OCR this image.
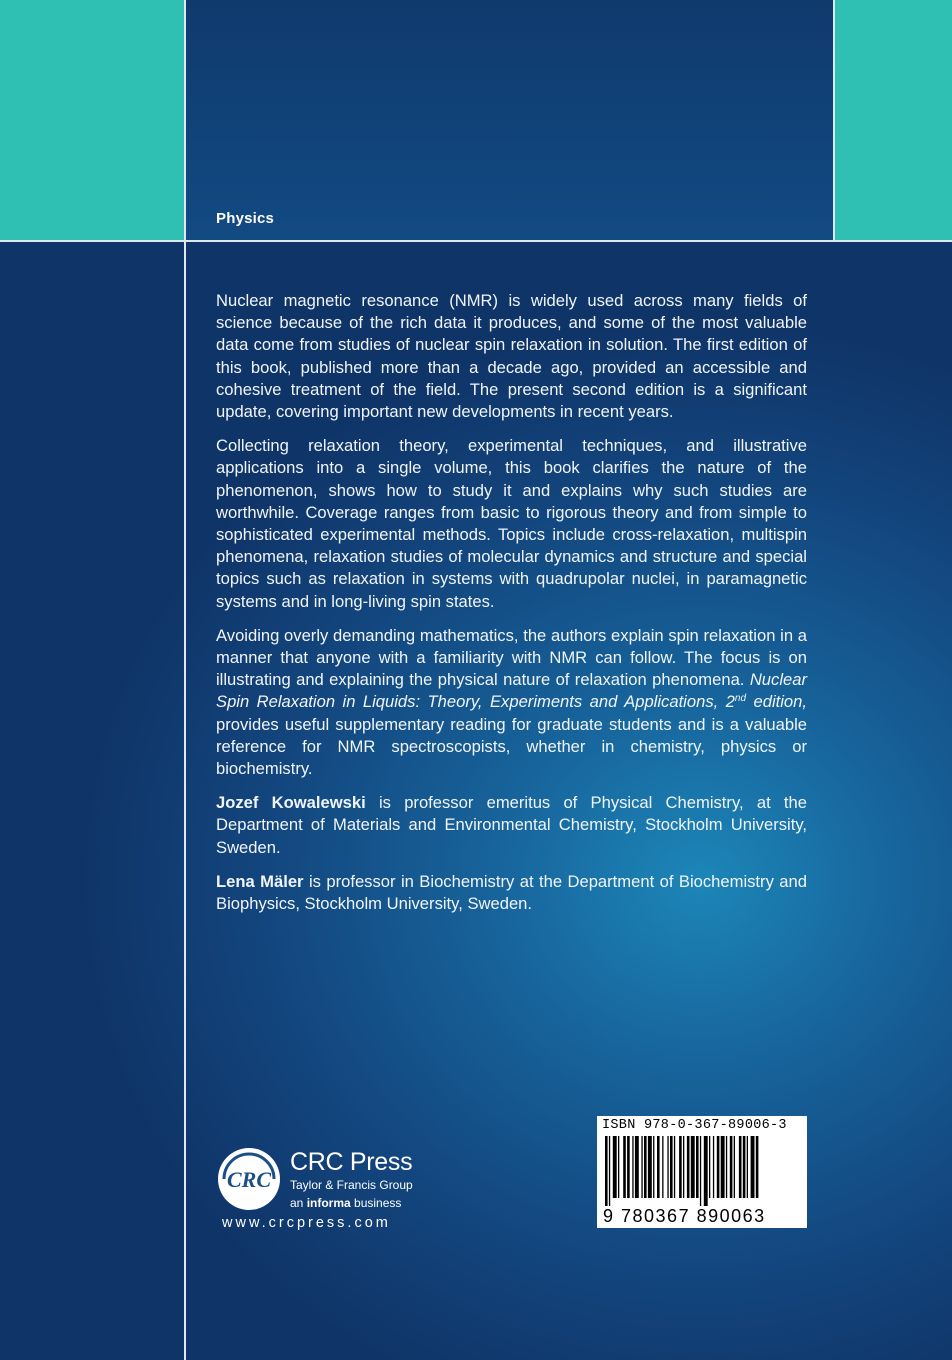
Physics

Nuclear magnetic resonance (NMR) is widely used across many fields of science because of the rich data it produces, and some of the most valuable data come from studies of nuclear spin relaxation in solution. The first edition of this book, published more than a decade ago, provided an accessible and cohesive treatment of the field. The present second edition is a significant update, covering important new developments in recent years.

Collecting relaxation theory, experimental techniques, and illustrative applications into a single volume, this book clarifies the nature of the phenomenon, shows how to study it and explains why such studies are worthwhile. Coverage ranges from basic to rigorous theory and from simple to sophisticated experimental methods. Topics include cross-relaxation, multispin phenomena, relaxation studies of molecular dynamics and structure and special topics such as relaxation in systems with quadrupolar nuclei, in paramagnetic systems and in long-living spin states.

Avoiding overly demanding mathematics, the authors explain spin relaxation in a manner that anyone with a familiarity with NMR can follow. The focus is on illustrating and explaining the physical nature of relaxation phenomena. Nuclear Spin Relaxation in Liquids: Theory, Experiments and Applications, 2nd edition, provides useful supplementary reading for graduate students and is a valuable reference for NMR spectroscopists, whether in chemistry, physics or biochemistry.

Jozef Kowalewski is professor emeritus of Physical Chemistry, at the Department of Materials and Environmental Chemistry, Stockholm University, Sweden.

Lena Mäler is professor in Biochemistry at the Department of Biochemistry and Biophysics, Stockholm University, Sweden.

CRC
CRC Press
Taylor & Francis Group
an informa business
www.crcpress.com
ISBN 978-0-367-89006-3
9 780367 890063
